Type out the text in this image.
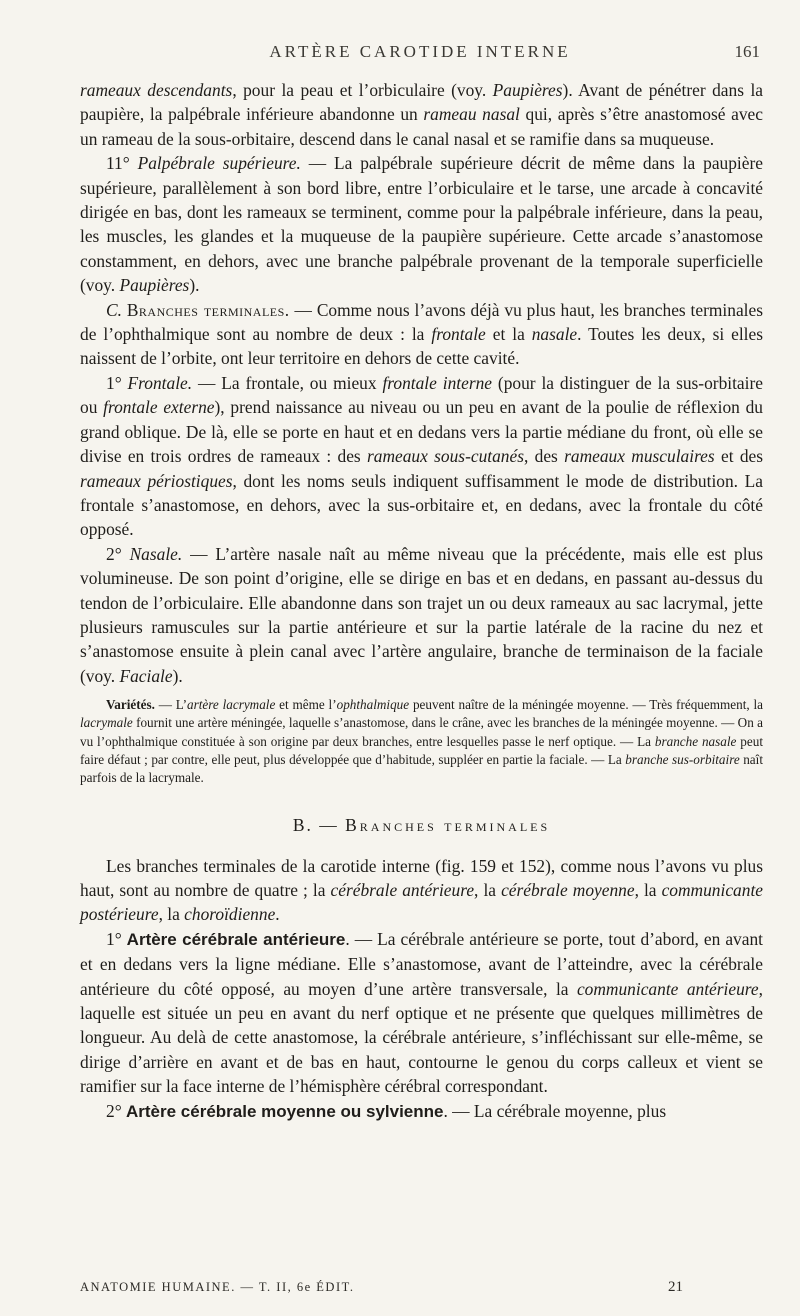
ARTÈRE CAROTIDE INTERNE	161

rameaux descendants, pour la peau et l’orbiculaire (voy. Paupières). Avant de pénétrer dans la paupière, la palpébrale inférieure abandonne un rameau nasal qui, après s’être anastomosé avec un rameau de la sous-orbitaire, descend dans le canal nasal et se ramifie dans sa muqueuse.

11° Palpébrale supérieure. — La palpébrale supérieure décrit de même dans la paupière supérieure, parallèlement à son bord libre, entre l’orbiculaire et le tarse, une arcade à concavité dirigée en bas, dont les rameaux se terminent, comme pour la palpébrale inférieure, dans la peau, les muscles, les glandes et la muqueuse de la paupière supérieure. Cette arcade s’anastomose constamment, en dehors, avec une branche palpébrale provenant de la temporale superficielle (voy. Paupières).

C. Branches terminales. — Comme nous l’avons déjà vu plus haut, les branches terminales de l’ophthalmique sont au nombre de deux : la frontale et la nasale. Toutes les deux, si elles naissent de l’orbite, ont leur territoire en dehors de cette cavité.

1° Frontale. — La frontale, ou mieux frontale interne (pour la distinguer de la sus-orbitaire ou frontale externe), prend naissance au niveau ou un peu en avant de la poulie de réflexion du grand oblique. De là, elle se porte en haut et en dedans vers la partie médiane du front, où elle se divise en trois ordres de rameaux : des rameaux sous-cutanés, des rameaux musculaires et des rameaux périostiques, dont les noms seuls indiquent suffisamment le mode de distribution. La frontale s’anastomose, en dehors, avec la sus-orbitaire et, en dedans, avec la frontale du côté opposé.

2° Nasale. — L’artère nasale naît au même niveau que la précédente, mais elle est plus volumineuse. De son point d’origine, elle se dirige en bas et en dedans, en passant au-dessus du tendon de l’orbiculaire. Elle abandonne dans son trajet un ou deux rameaux au sac lacrymal, jette plusieurs ramuscules sur la partie antérieure et sur la partie latérale de la racine du nez et s’anastomose ensuite à plein canal avec l’artère angulaire, branche de terminaison de la faciale (voy. Faciale).

Variétés. — L’artère lacrymale et même l’ophthalmique peuvent naître de la méningée moyenne. — Très fréquemment, la lacrymale fournit une artère méningée, laquelle s’anastomose, dans le crâne, avec les branches de la méningée moyenne. — On a vu l’ophthalmique constituée à son origine par deux branches, entre lesquelles passe le nerf optique. — La branche nasale peut faire défaut ; par contre, elle peut, plus développée que d’habitude, suppléer en partie la faciale. — La branche sus-orbitaire naît parfois de la lacrymale.

B. — Branches terminales

Les branches terminales de la carotide interne (fig. 159 et 152), comme nous l’avons vu plus haut, sont au nombre de quatre ; la cérébrale antérieure, la cérébrale moyenne, la communicante postérieure, la choroïdienne.

1° Artère cérébrale antérieure. — La cérébrale antérieure se porte, tout d’abord, en avant et en dedans vers la ligne médiane. Elle s’anastomose, avant de l’atteindre, avec la cérébrale antérieure du côté opposé, au moyen d’une artère transversale, la communicante antérieure, laquelle est située un peu en avant du nerf optique et ne présente que quelques millimètres de longueur. Au delà de cette anastomose, la cérébrale antérieure, s’infléchissant sur elle-même, se dirige d’arrière en avant et de bas en haut, contourne le genou du corps calleux et vient se ramifier sur la face interne de l’hémisphère cérébral correspondant.

2° Artère cérébrale moyenne ou sylvienne. — La cérébrale moyenne, plus

ANATOMIE HUMAINE. — T. II, 6e ÉDIT.	21
